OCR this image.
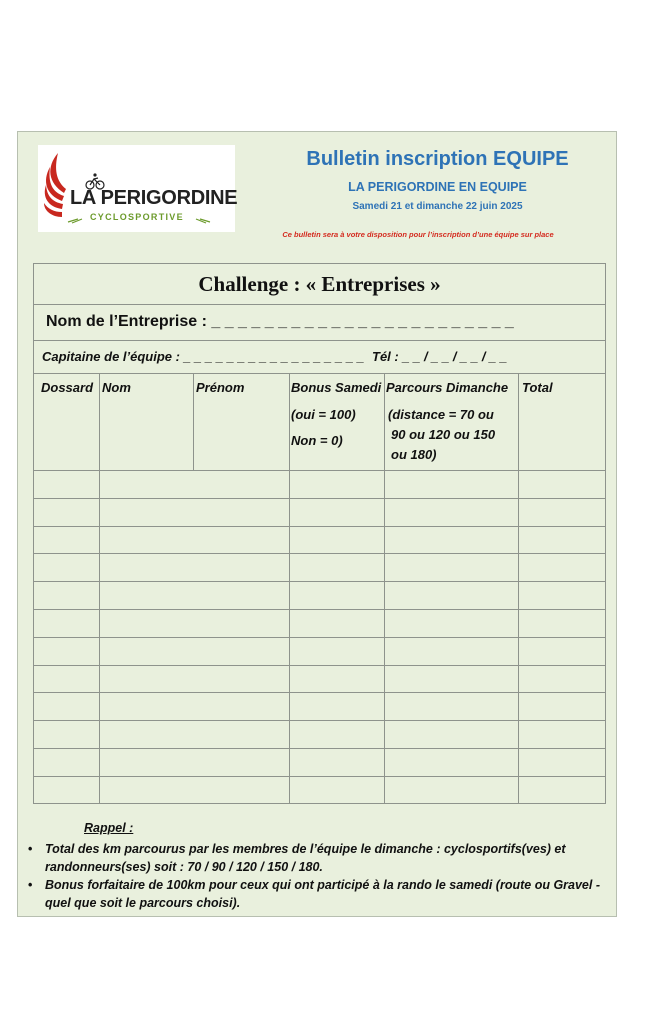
LA PERIGORDINE
CYCLOSPORTIVE
Bulletin inscription EQUIPE
LA PERIGORDINE EN EQUIPE
Samedi 21 et dimanche 22 juin 2025
Ce bulletin sera à votre disposition pour l’inscription d’une équipe sur place
Challenge : « Entreprises »
Nom de l’Entreprise : _ _ _ _ _ _ _ _ _ _ _ _ _ _ _ _ _ _ _ _ _ _ _
Capitaine de l’équipe : _ _ _ _ _ _ _ _ _ _ _ _ _ _ _ _ _ Tél : _ _ / _ _ / _ _ / _ _
Dossard Nom	Prénom	Bonus Samedi
(oui = 100)
Non = 0)
Parcours Dimanche
(distance = 70 ou
90 ou 120 ou 150
ou 180)
Total
Rappel :
• Total des km parcourus par les membres de l’équipe le dimanche : cyclosportifs(ves) et randonneurs(ses) soit : 70 / 90 / 120 / 150 / 180.
• Bonus forfaitaire de 100km pour ceux qui ont participé à la rando le samedi (route ou Gravel - quel que soit le parcours choisi).
